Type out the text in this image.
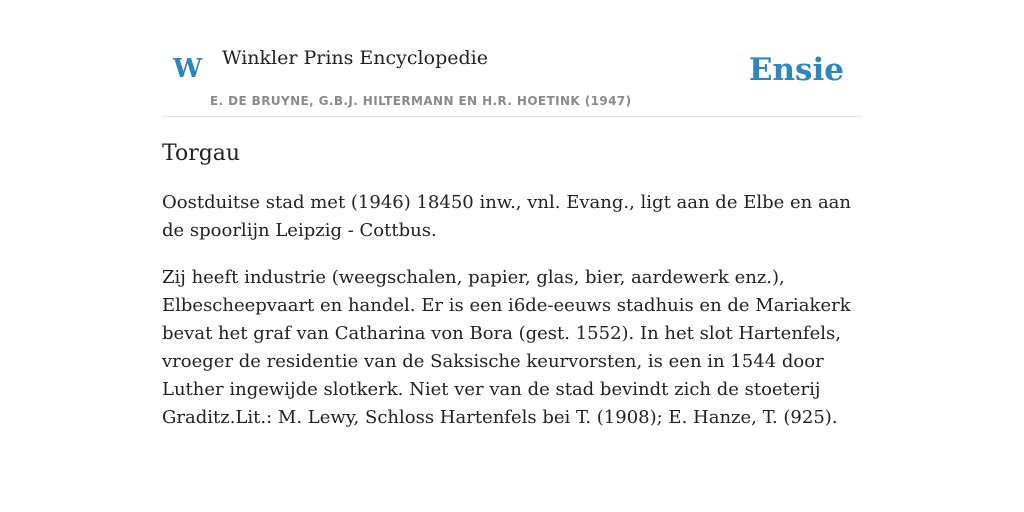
W Winkler Prins Encyclopedie
E. DE BRUYNE, G.B.J. HILTERMANN EN H.R. HOETINK (1947)
Ensie
Torgau

Oostduitse stad met (1946) 18450 inw., vnl. Evang., ligt aan de Elbe en aan de spoorlijn Leipzig - Cottbus.

Zij heeft industrie (weegschalen, papier, glas, bier, aardewerk enz.), Elbescheepvaart en handel. Er is een i6de-eeuws stadhuis en de Mariakerk bevat het graf van Catharina von Bora (gest. 1552). In het slot Hartenfels, vroeger de residentie van de Saksische keurvorsten, is een in 1544 door Luther ingewijde slotkerk. Niet ver van de stad bevindt zich de stoeterij Graditz.Lit.: M. Lewy, Schloss Hartenfels bei T. (1908); E. Hanze, T. (925).
